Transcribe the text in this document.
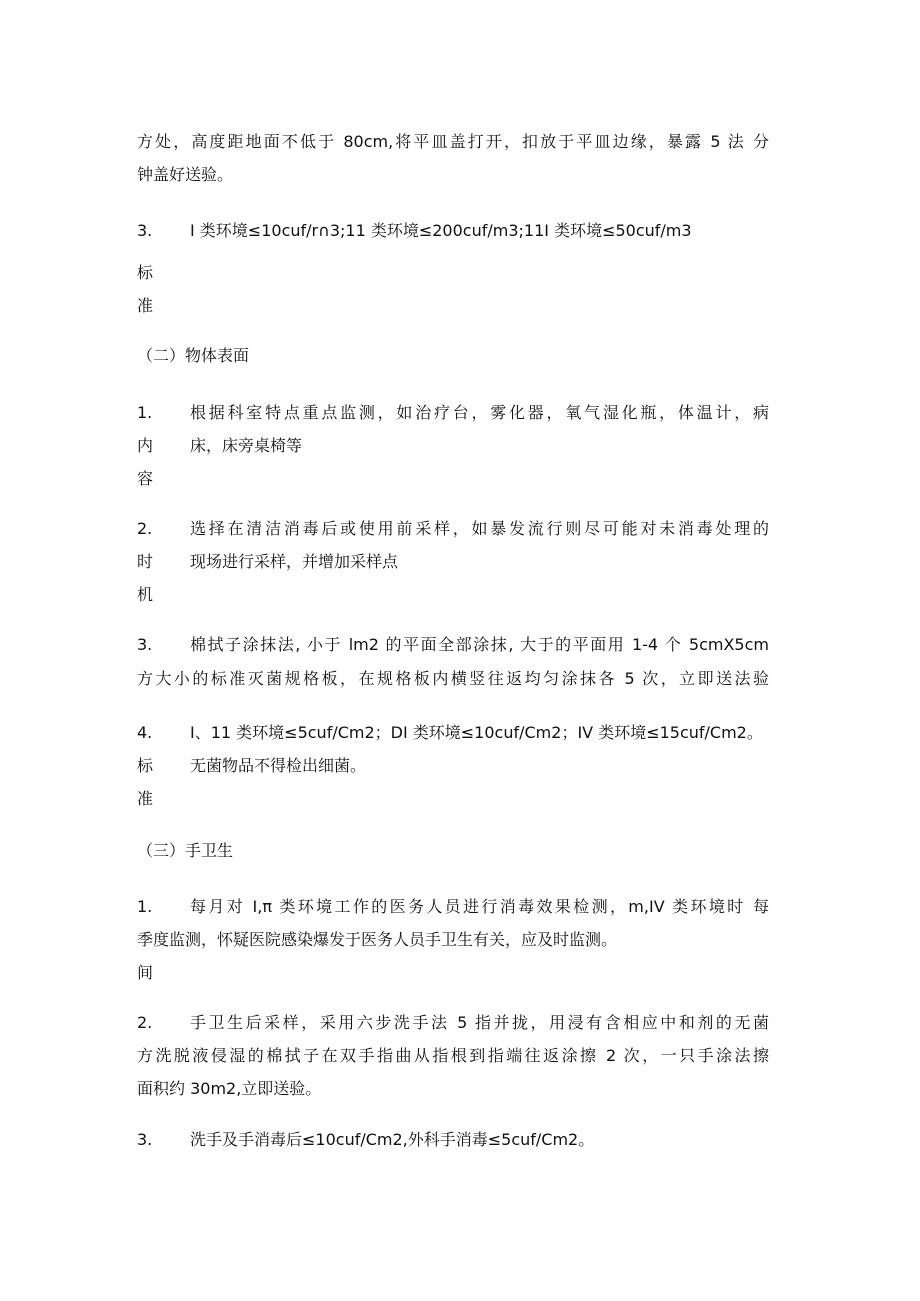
方处，高度距地面不低于 80cm,将平皿盖打开，扣放于平皿边缘，暴露 5 法 分
钟盖好送验。
3. I 类环境≤10cuf∕r∩3;11 类环境≤200cuf∕m3;11I 类环境≤50cuf∕m3
标
准
（二）物体表面
1. 根据科室特点重点监测，如治疗台，雾化器，氧气湿化瓶，体温计，病
床，床旁桌椅等
内
容
2. 选择在清洁消毒后或使用前采样，如暴发流行则尽可能对未消毒处理的
现场进行采样，并增加采样点
时
机
3. 棉拭子涂抹法, 小于 lm2 的平面全部涂抹, 大于的平面用 1-4 个 5cmX5cm
方大小的标准灭菌规格板，在规格板内横竖往返均匀涂抹各 5 次，立即送法验
4. I、11 类环境≤5cuf∕Cm2；DI 类环境≤10cuf∕Cm2；IV 类环境≤15cuf∕Cm2。
无菌物品不得检出细菌。
标
准
（三）手卫生
1. 每月对 I,π 类环境工作的医务人员进行消毒效果检测，m,IV 类环境时 每
季度监测，怀疑医院感染爆发于医务人员手卫生有关，应及时监测。
间
2. 手卫生后采样，采用六步洗手法 5 指并拢，用浸有含相应中和剂的无菌
方洗脱液侵湿的棉拭子在双手指曲从指根到指端往返涂擦 2 次，一只手涂法擦
面积约 30m2,立即送验。
3. 洗手及手消毒后≤10cuf∕Cm2,外科手消毒≤5cuf∕Cm2。
